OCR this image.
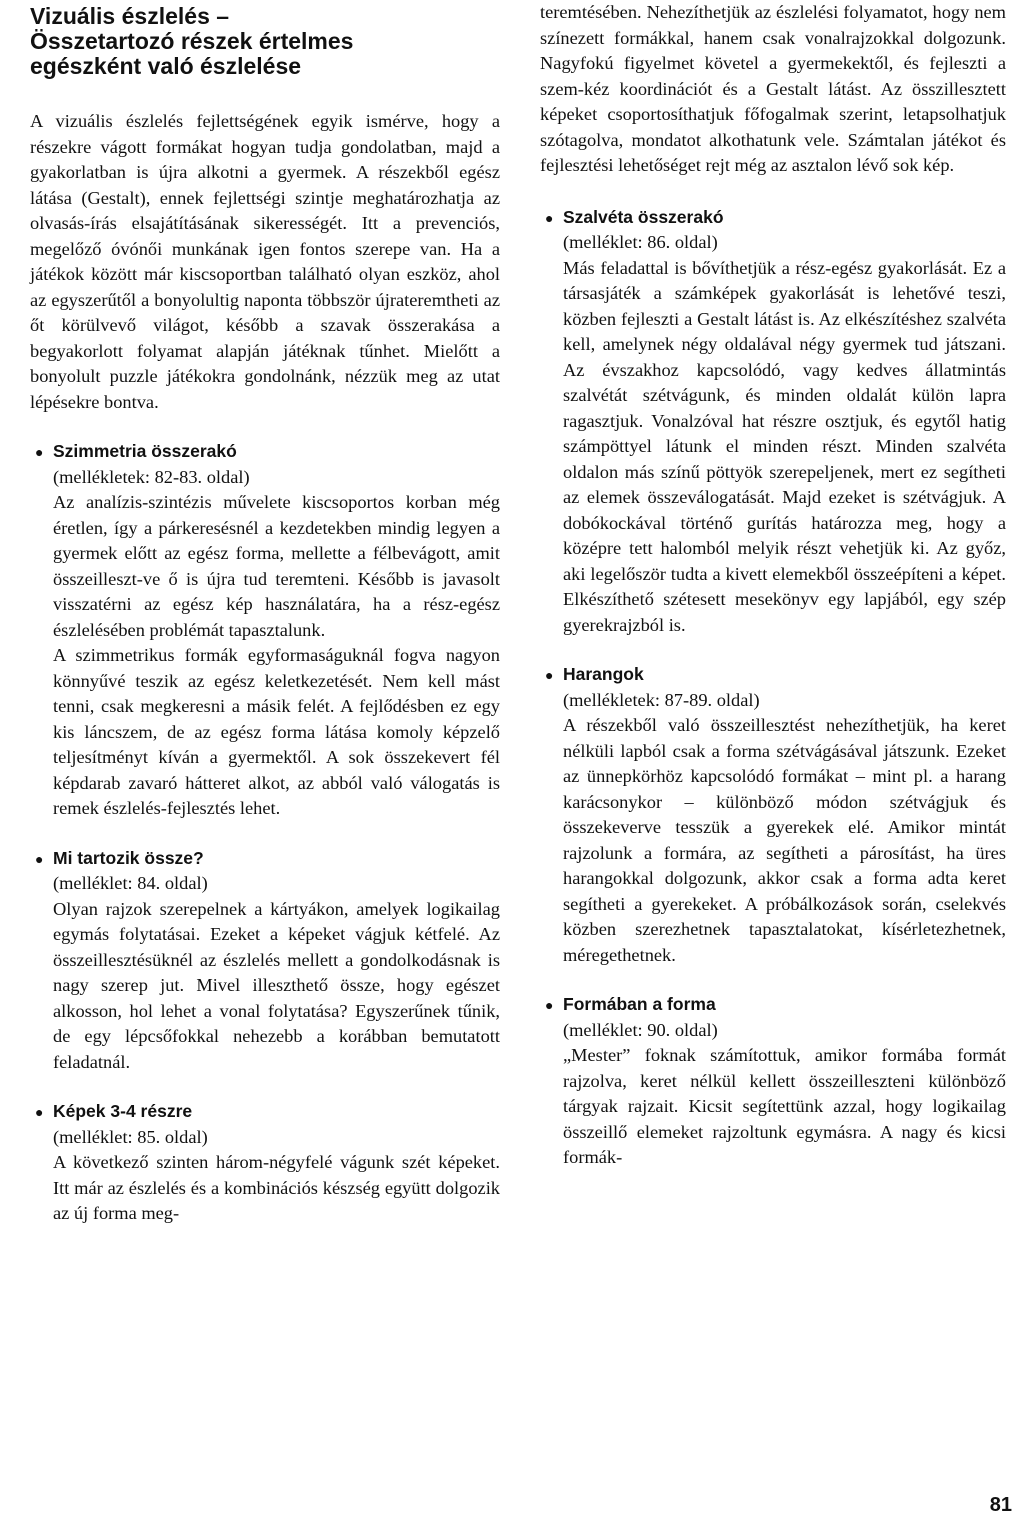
Vizuális észlelés –
Összetartozó részek értelmes
egészként való észlelése

A vizuális észlelés fejlettségének egyik ismérve, hogy a részekre vágott formákat hogyan tudja gondolatban, majd a gyakorlatban is újra alkotni a gyermek. A részekből egész látása (Gestalt), ennek fejlettségi szintje meghatározhatja az olvasás-írás elsajátításának sikerességét. Itt a prevenciós, megelőző óvónői munkának igen fontos szerepe van. Ha a játékok között már kiscsoportban található olyan eszköz, ahol az egyszerűtől a bonyolultig naponta többször újrateremtheti az őt körülvevő világot, később a szavak összerakása a begyakorlott folyamat alapján játéknak tűnhet. Mielőtt a bonyolult puzzle játékokra gondolnánk, nézzük meg az utat lépésekre bontva.

● Szimmetria összerakó
(mellékletek: 82-83. oldal)

Az analízis-szintézis művelete kiscsoportos korban még éretlen, így a párkeresésnél a kezdetekben mindig legyen a gyermek előtt az egész forma, mellette a félbevágott, amit összeilleszt-ve ő is újra tud teremteni. Később is javasolt visszatérni az egész kép használatára, ha a rész-egész észlelésében problémát tapasztalunk.

A szimmetrikus formák egyformaságuknál fogva nagyon könnyűvé teszik az egész keletkezetését. Nem kell mást tenni, csak megkeresni a másik felét. A fejlődésben ez egy kis láncszem, de az egész forma látása komoly képzelő teljesítményt kíván a gyermektől. A sok összekevert fél képdarab zavaró hátteret alkot, az abból való válogatás is remek észlelés-fejlesztés lehet.

● Mi tartozik össze?
(melléklet: 84. oldal)

Olyan rajzok szerepelnek a kártyákon, amelyek logikailag egymás folytatásai. Ezeket a képeket vágjuk kétfelé. Az összeillesztésüknél az észlelés mellett a gondolkodásnak is nagy szerep jut. Mivel illeszthető össze, hogy egészet alkosson, hol lehet a vonal folytatása? Egyszerűnek tűnik, de egy lépcsőfokkal nehezebb a korábban bemutatott feladatnál.

● Képek 3-4 részre
(melléklet: 85. oldal)

A következő szinten három-négyfelé vágunk szét képeket. Itt már az észlelés és a kombinációs készség együtt dolgozik az új forma meg-

teremtésében. Nehezíthetjük az észlelési folyamatot, hogy nem színezett formákkal, hanem csak vonalrajzokkal dolgozunk. Nagyfokú figyelmet követel a gyermekektől, és fejleszti a szem-kéz koordinációt és a Gestalt látást. Az összillesztett képeket csoportosíthatjuk főfogalmak szerint, letapsolhatjuk szótagolva, mondatot alkothatunk vele. Számtalan játékot és fejlesztési lehetőséget rejt még az asztalon lévő sok kép.

● Szalvéta összerakó
(melléklet: 86. oldal)

Más feladattal is bővíthetjük a rész-egész gyakorlását. Ez a társasjáték a számképek gyakorlását is lehetővé teszi, közben fejleszti a Gestalt látást is. Az elkészítéshez szalvéta kell, amelynek négy oldalával négy gyermek tud játszani. Az évszakhoz kapcsolódó, vagy kedves állatmintás szalvétát szétvágunk, és minden oldalát külön lapra ragasztjuk. Vonalzóval hat részre osztjuk, és egytől hatig számpöttyel látunk el minden részt. Minden szalvéta oldalon más színű pöttyök szerepeljenek, mert ez segítheti az elemek összeválogatását. Majd ezeket is szétvágjuk. A dobókockával történő gurítás határozza meg, hogy a középre tett halomból melyik részt vehetjük ki. Az győz, aki legelőször tudta a kivett elemekből összeépíteni a képet. Elkészíthető szétesett mesekönyv egy lapjából, egy szép gyerekrajzból is.

● Harangok
(mellékletek: 87-89. oldal)

A részekből való összeillesztést nehezíthetjük, ha keret nélküli lapból csak a forma szétvágásával játszunk. Ezeket az ünnepkörhöz kapcsolódó formákat – mint pl. a harang karácsonykor – különböző módon szétvágjuk és összekeverve tesszük a gyerekek elé. Amikor mintát rajzolunk a formára, az segítheti a párosítást, ha üres harangokkal dolgozunk, akkor csak a forma adta keret segítheti a gyerekeket. A próbálkozások során, cselekvés közben szerezhetnek tapasztalatokat, kísérletezhetnek, méregethetnek.

● Formában a forma
(melléklet: 90. oldal)

„Mester” foknak számítottuk, amikor formába formát rajzolva, keret nélkül kellett összeilleszteni különböző tárgyak rajzait. Kicsit segítettünk azzal, hogy logikailag összeillő elemeket rajzoltunk egymásra. A nagy és kicsi formák-

81
